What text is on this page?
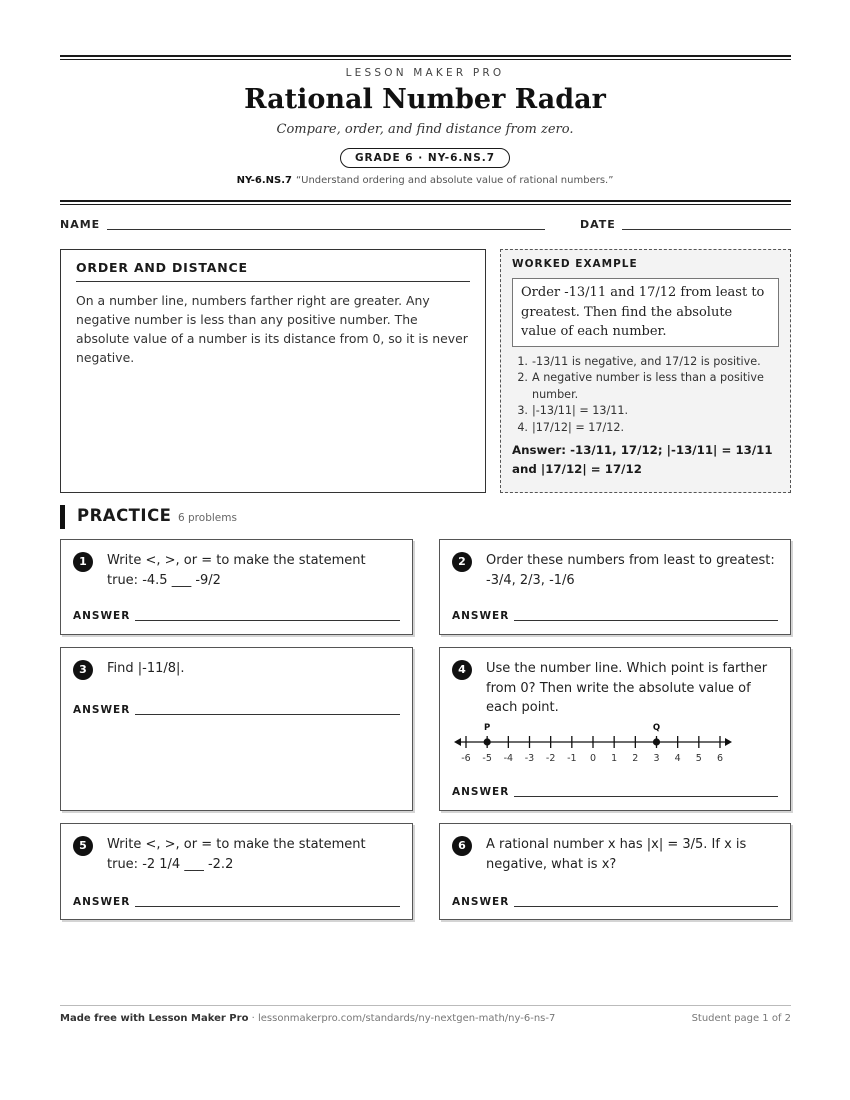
LESSON MAKER PRO
Rational Number Radar
Compare, order, and find distance from zero.
GRADE 6 · NY-6.NS.7
NY-6.NS.7 “Understand ordering and absolute value of rational numbers.”
NAME	DATE
ORDER AND DISTANCE

On a number line, numbers farther right are greater. Any negative number is less than any positive number. The absolute value of a number is its distance from 0, so it is never negative.

WORKED EXAMPLE
Order -13/11 and 17/12 from least to greatest. Then find the absolute value of each number.
1. -13/11 is negative, and 17/12 is positive.
2. A negative number is less than a positive number.
3. |-13/11| = 13/11.
4. |17/12| = 17/12.
Answer: -13/11, 17/12; |-13/11| = 13/11 and |17/12| = 17/12
PRACTICE 6 problems
1	Write <, >, or = to make the statement true: -4.5 ___ -9/2
ANSWER
2	Order these numbers from least to greatest: -3/4, 2/3, -1/6
ANSWER
3	Find |-11/8|.
ANSWER
4	Use the number line. Which point is farther from 0? Then write the absolute value of each point.
-6 -5 -4 -3 -2 -1 0 1 2 3 4 5 6
P	Q
ANSWER
5	Write <, >, or = to make the statement true: -2 1/4 ___ -2.2
ANSWER
6	A rational number x has |x| = 3/5. If x is negative, what is x?
ANSWER
Made free with Lesson Maker Pro · lessonmakerpro.com/standards/ny-nextgen-math/ny-6-ns-7	Student page 1 of 2
